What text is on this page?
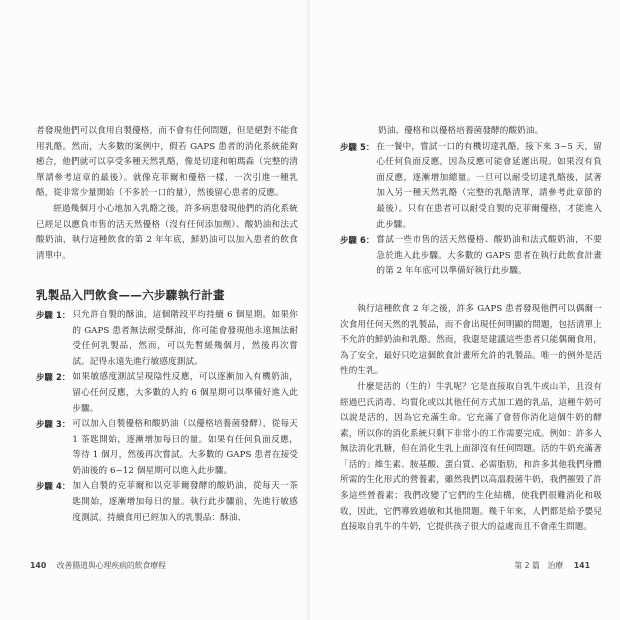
者發現他們可以食用自製優格，而不會有任何問題，但是絕對不能食用乳酪。然而，大多數的案例中，假若 GAPS 患者的消化系統能夠癒合，他們就可以享受多種天然乳酪，像是切達和帕瑪森（完整的清單請參考這章的最後）。就像克菲爾和優格一樣，一次引進一種乳酪，從非常少量開始（不多於一口的量），然後留心患者的反應。

經過幾個月小心地加入乳酪之後，許多病患發現他們的消化系統已經足以應負市售的活天然優格（沒有任何添加劑）、酸奶油和法式酸奶油，執行這種飲食的第 2 年年底，鮮奶油可以加入患者的飲食清單中。

乳製品入門飲食——六步驟執行計畫
步驟 1： 只允許自製的酥油，這個階段平均持續 6 個星期。如果你的 GAPS 患者無法耐受酥油，你可能會發現他永遠無法耐受任何乳製品，然而，可以先暫緩幾個月，然後再次嘗試。記得永遠先進行敏感度測試。
步驟 2： 如果敏感度測試呈現陰性反應，可以逐漸加入有機奶油，留心任何反應，大多數的人約 6 個星期可以準備好進入此步驟。
步驟 3： 可以加入自製優格和酸奶油（以優格培養菌發酵），從每天 1 茶匙開始，逐漸增加每日的量。如果有任何負面反應，等待 1 個月，然後再次嘗試。大多數的 GAPS 患者在接受奶油後的 6~12 個星期可以進入此步驟。
步驟 4： 加入自製的克菲爾和以克菲爾發酵的酸奶油，從每天一茶匙開始，逐漸增加每日的量。執行此步驟前，先進行敏感度測試。持續食用已經加入的乳製品：酥油、
140 改善腸道與心理疾病的飲食療程

奶油、優格和以優格培養菌發酵的酸奶油。

步驟 5： 在一餐中，嘗試一口的有機切達乳酪，接下來 3~5 天，留心任何負面反應，因為反應可能會延遲出現。如果沒有負面反應，逐漸增加總量。一旦可以耐受切達乳酪後，試著加入另一種天然乳酪（完整的乳酪清單，請參考此章節的最後）。只有在患者可以耐受自製的克菲爾優格，才能進入此步驟。
步驟 6： 嘗試一些市售的活天然優格、酸奶油和法式酸奶油，不要急於進入此步驟。大多數的 GAPS 患者在執行此飲食計畫的第 2 年年底可以準備好執行此步驟。

執行這種飲食 2 年之後，許多 GAPS 患者發現他們可以偶爾一次食用任何天然的乳製品，而不會出現任何明顯的問題，包括清單上不允許的鮮奶油和乳酪。然而，我還是建議這些患者只能偶爾食用，為了安全，最好只吃這個飲食計畫所允許的乳製品。唯一的例外是活性的生乳。

什麼是活的（生的）牛乳呢？它是直接取自乳牛或山羊，且沒有經過巴氏消毒、均質化或以其他任何方式加工過的乳品，這種牛奶可以說是活的，因為它充滿生命。它充滿了會替你消化這個牛奶的酵素，所以你的消化系統只剩下非常小的工作需要完成。例如：許多人無法消化乳糖，但在消化生乳上面卻沒有任何問題。活的牛奶充滿著「活的」維生素、胺基酸、蛋白質、必需脂肪，和許多其他我們身體所需的生化形式的營養素，雖然我們以高溫殺菌牛奶，我們摧毀了許多這些營養素；我們改變了它們的生化結構，使我們很難消化和吸收，因此，它們導致過敏和其他問題。幾千年來，人們都是給予嬰兒直接取自乳牛的牛奶，它提供孩子很大的益處而且不會產生問題。

第 2 篇　治療 141
